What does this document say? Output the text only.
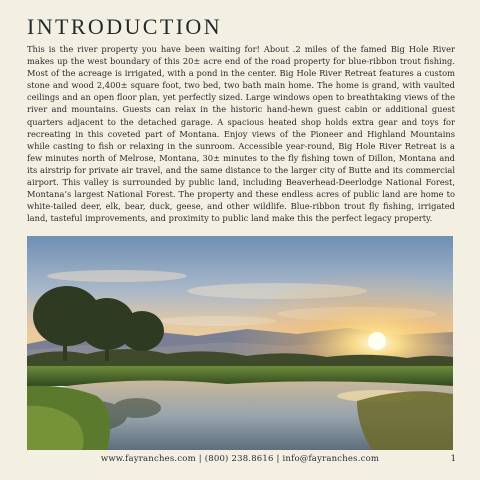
INTRODUCTION

This is the river property you have been waiting for! About .2 miles of the famed Big Hole River makes up the west boundary of this 20± acre end of the road property for blue-ribbon trout fishing. Most of the acreage is irrigated, with a pond in the center. Big Hole River Retreat features a custom stone and wood 2,400± square foot, two bed, two bath main home. The home is grand, with vaulted ceilings and an open floor plan, yet perfectly sized. Large windows open to breathtaking views of the river and mountains. Guests can relax in the historic hand-hewn guest cabin or additional guest quarters adjacent to the detached garage. A spacious heated shop holds extra gear and toys for recreating in this coveted part of Montana. Enjoy views of the Pioneer and Highland Mountains while casting to fish or relaxing in the sunroom. Accessible year-round, Big Hole River Retreat is a few minutes north of Melrose, Montana, 30± minutes to the fly fishing town of Dillon, Montana and its airstrip for private air travel, and the same distance to the larger city of Butte and its commercial airport. This valley is surrounded by public land, including Beaverhead-Deerlodge National Forest, Montana’s largest National Forest. The property and these endless acres of public land are home to white-tailed deer, elk, bear, duck, geese, and other wildlife. Blue-ribbon trout fly fishing, irrigated land, tasteful improvements, and proximity to public land make this the perfect legacy property.

www.fayranches.com | (800) 238.8616 | info@fayranches.com	1
